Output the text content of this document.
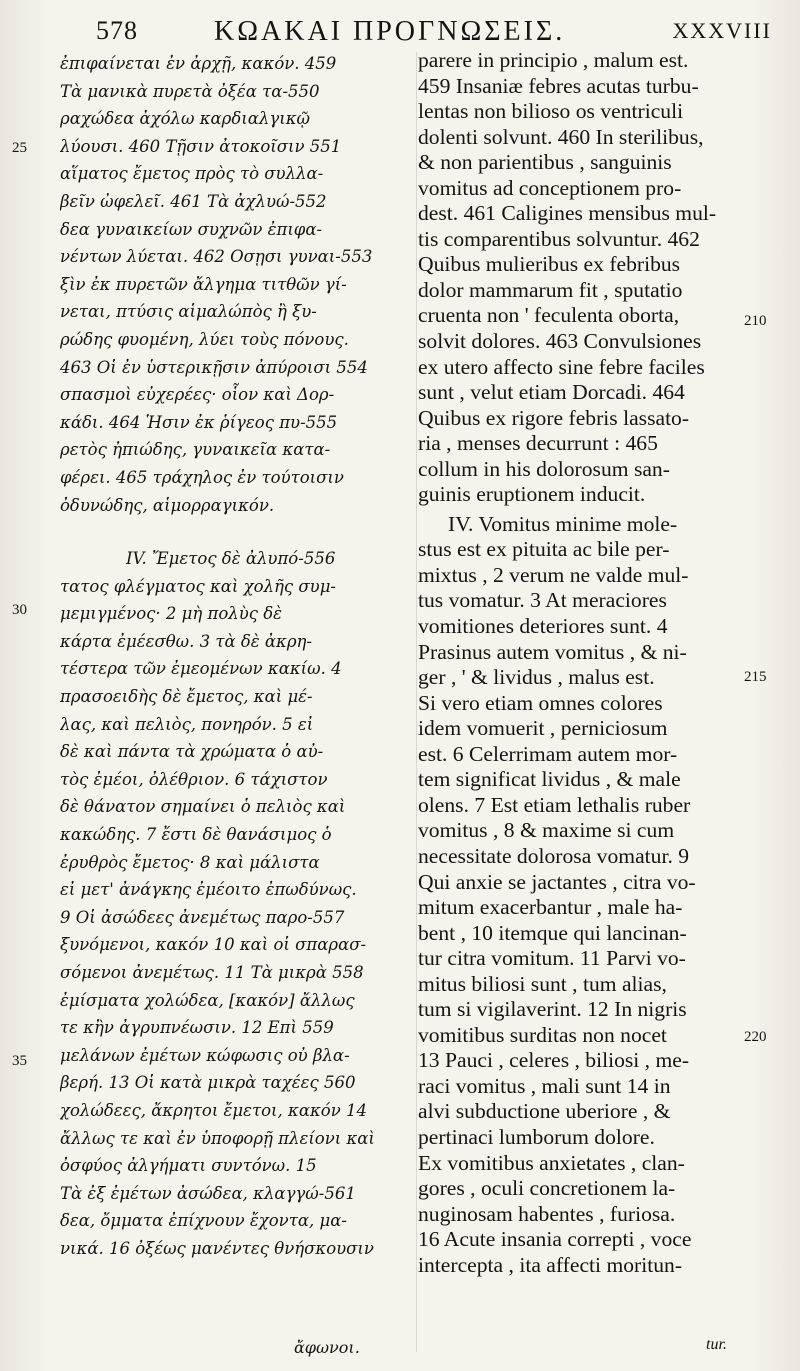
578	ΚΩΑΚΑΙ ΠΡΟΓΝΩΣΕΙΣ.	XXXVIII
ἐπιφαίνεται ἐν ἀρχῇ, κακόν. 459
Τὰ μανικὰ πυρετὰ ὀξέα τα-550
ραχώδεα ἀχόλω καρδιαλγικῷ
λύουσι. 460 Τῇσιν ἀτοκοῖσιν 551
αἵματος ἔμετος πρὸς τὸ συλλα-
βεῖν ὠφελεῖ. 461 Τὰ ἀχλυώ-552
δεα γυναικείων συχνῶν ἐπιφα-
νέντων λύεται. 462 Οσῃσι γυναι-553
ξὶν ἐκ πυρετῶν ἄλγημα τιτθῶν γί-
νεται, πτύσις αἱμαλώπὸς ἢ ξυ-
ρώδης φυομένη, λύει τοὺς πόνους.
463 Οἱ ἐν ὑστερικῇσιν ἀπύροισι 554
σπασμοὶ εὐχερέες· οἷον καὶ Δορ-
κάδι. 464 Ἡσιν ἐκ ῥίγεος πυ-555
ρετὸς ἠπιώδης, γυναικεῖα κατα-
φέρει. 465 τράχηλος ἐν τούτοισιν
ὀδυνώδης, αἱμορραγικόν.
IV. Ἔμετος δὲ ἀλυπό-556
τατος φλέγματος καὶ χολῆς συμ-
μεμιγμένος· 2 μὴ πολὺς δὲ
κάρτα ἐμέεσθω. 3 τὰ δὲ ἀκρη-
τέστερα τῶν ἐμεομένων κακίω. 4
πρασοειδὴς δὲ ἔμετος, καὶ μέ-
λας, καὶ πελιὸς, πονηρόν. 5 εἰ
δὲ καὶ πάντα τὰ χρώματα ὁ αὐ-
τὸς ἐμέοι, ὀλέθριον. 6 τάχιστον
δὲ θάνατον σημαίνει ὁ πελιὸς καὶ
κακώδης. 7 ἔστι δὲ θανάσιμος ὁ
ἐρυθρὸς ἔμετος· 8 καὶ μάλιστα
εἰ μετ' ἀνάγκης ἐμέοιτο ἐπωδύνως.
9 Οἱ ἀσώδεες ἀνεμέτως παρο-557
ξυνόμενοι, κακόν 10 καὶ οἱ σπαρασ-
σόμενοι ἀνεμέτως. 11 Τὰ μικρὰ 558
ἐμίσματα χολώδεα, [κακόν] ἄλλως
τε κἢν ἀγρυπνέωσιν. 12 Επὶ 559
μελάνων ἐμέτων κώφωσις οὐ βλα-
βερή. 13 Οἱ κατὰ μικρὰ ταχέες 560
χολώδεες, ἄκρητοι ἔμετοι, κακόν 14
ἄλλως τε καὶ ἐν ὑποφορῇ πλείονι καὶ
ὀσφύος ἀλγήματι συντόνω. 15
Τὰ ἐξ ἐμέτων ἀσώδεα, κλαγγώ-561
δεα, ὄμματα ἐπίχνουν ἔχοντα, μα-
νικά. 16 ὀξέως μανέντες θνήσκουσιν
parere in principio , malum est.
459 Insaniæ febres acutas turbu-
lentas non bilioso os ventriculi
dolenti solvunt. 460 In sterilibus,
& non parientibus , sanguinis
vomitus ad conceptionem pro-
dest. 461 Caligines mensibus mul-
tis comparentibus solvuntur. 462
Quibus mulieribus ex febribus
dolor mammarum fit , sputatio
cruenta non ' feculenta oborta,
solvit dolores. 463 Convulsiones
ex utero affecto sine febre faciles
sunt , velut etiam Dorcadi. 464
Quibus ex rigore febris lassato-
ria , menses decurrunt : 465
collum in his dolorosum san-
guinis eruptionem inducit.
IV. Vomitus minime mole-
stus est ex pituita ac bile per-
mixtus , 2 verum ne valde mul-
tus vomatur. 3 At meraciores
vomitiones deteriores sunt. 4
Prasinus autem vomitus , & ni-
ger , ' & lividus , malus est.
Si vero etiam omnes colores
idem vomuerit , perniciosum
est. 6 Celerrimam autem mor-
tem significat lividus , & male
olens. 7 Est etiam lethalis ruber
vomitus , 8 & maxime si cum
necessitate dolorosa vomatur. 9
Qui anxie se jactantes , citra vo-
mitum exacerbantur , male ha-
bent , 10 itemque qui lancinan-
tur citra vomitum. 11 Parvi vo-
mitus biliosi sunt , tum alias,
tum si vigilaverint. 12 In nigris
vomitibus surditas non nocet
13 Pauci , celeres , biliosi , me-
raci vomitus , mali sunt 14 in
alvi subductione uberiore , &
pertinaci lumborum dolore.
Ex vomitibus anxietates , clan-
gores , oculi concretionem la-
nuginosam habentes , furiosa.
16 Acute insania correpti , voce
intercepta , ita affecti moritun-
25
30
35
210
215
220
ἄφωνοι.	tur.
